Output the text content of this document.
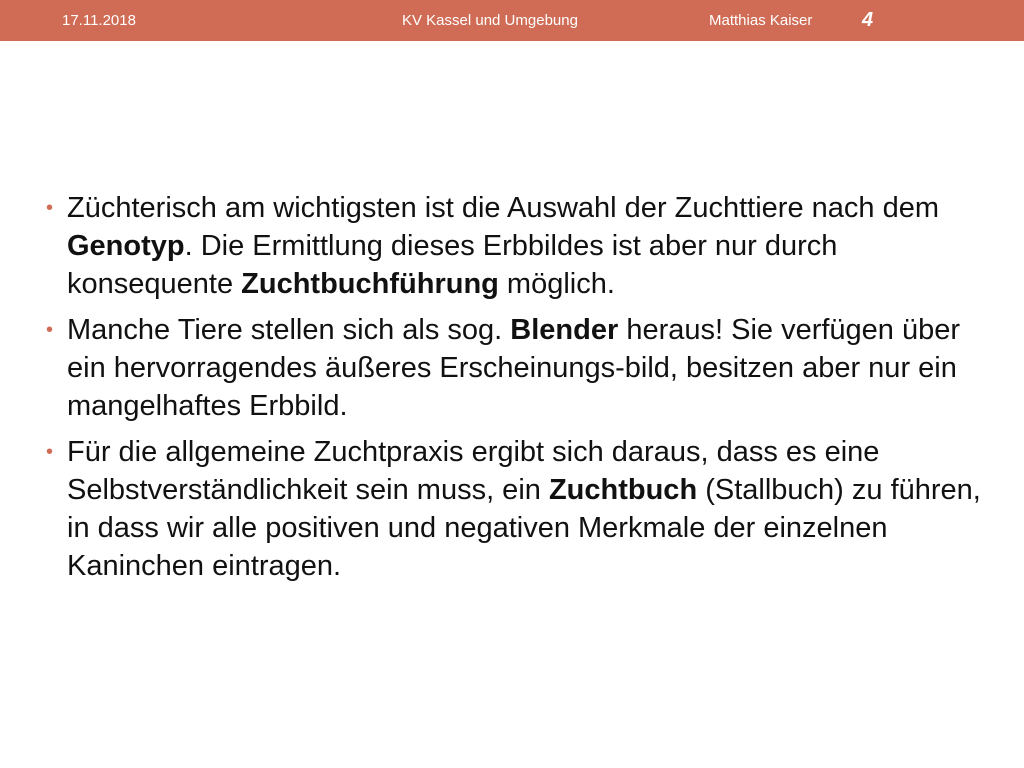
17.11.2018	KV Kassel und Umgebung	Matthias Kaiser 4
• Züchterisch am wichtigsten ist die Auswahl der Zuchttiere nach dem Genotyp. Die Ermittlung dieses Erbbildes ist aber nur durch konsequente Zuchtbuchführung möglich.
• Manche Tiere stellen sich als sog. Blender heraus! Sie verfügen über ein hervorragendes äußeres Erscheinungs-bild, besitzen aber nur ein mangelhaftes Erbbild.
• Für die allgemeine Zuchtpraxis ergibt sich daraus, dass es eine Selbstverständlichkeit sein muss, ein Zuchtbuch (Stallbuch) zu führen, in dass wir alle positiven und negativen Merkmale der einzelnen Kaninchen eintragen.
